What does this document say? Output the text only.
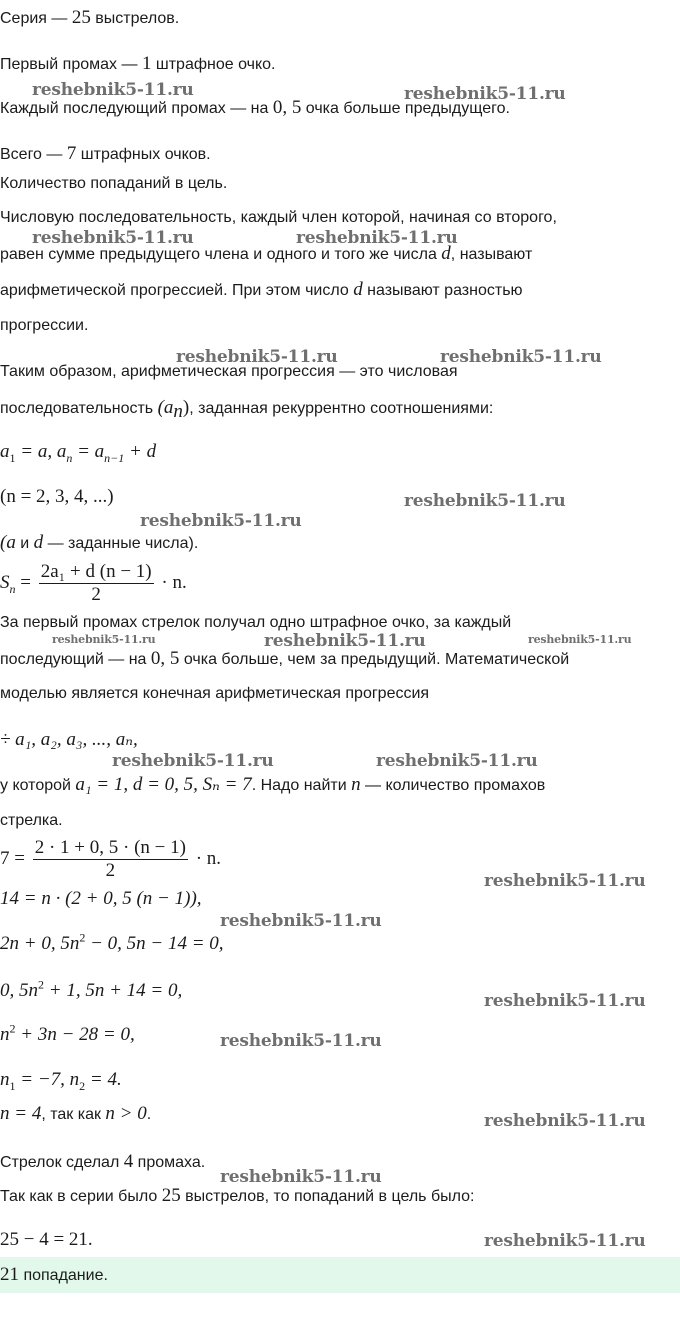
Серия — 25 выстрелов.
Первый промах — 1 штрафное очко.
Каждый последующий промах — на 0, 5 очка больше предыдущего.
Всего — 7 штрафных очков.
Количество попаданий в цель.
Числовую последовательность, каждый член которой, начиная со второго,
равен сумме предыдущего члена и одного и того же числа d, называют
арифметической прогрессией. При этом число d называют разностью
прогрессии.
Таким образом, арифметическая прогрессия — это числовая
последовательность $(a_n)$, заданная рекуррентно соотношениями:
$a_1 = a$, $a_n = a_{n-1} + d$
(n = 2, 3, 4, ...)
(a и d — заданные числа).
$S_n = \frac{\text{2a₁ + d (n − 1)}}{2} \cdot n$.
За первый промах стрелок получал одно штрафное очко, за каждый
последующий — на 0, 5 очка больше, чем за предыдущий. Математической
моделью является конечная арифметическая прогрессия
÷ a₁, a₂, a₃, ..., aₙ,
у которой a₁ = 1, d = 0, 5, Sₙ = 7. Надо найти n — количество промахов
стрелка.
$7 = \frac{2 \cdot 1 + 0, 5 \cdot (n - 1)}{2} \cdot n$.
14 = n · (2 + 0, 5 (n − 1)),
2n + 0, $5n^2 - 0$, 5n − 14 = 0,
0, $5n^2 + 1$, 5n + 14 = 0,
$n^2 + 3n - 28 = 0$,
$n_1 = -7$, $n_2 = 4$.
n = 4, так как n > 0.
Стрелок сделал 4 промаха.
Так как в серии было 25 выстрелов, то попаданий в цель было:
25 − 4 = 21.
21 попадание.
reshebnik5-11.ru	reshebnik5-11.ru
reshebnik5-11.ru	reshebnik5-11.ru
reshebnik5-11.ru	reshebnik5-11.ru
reshebnik5-11.ru
reshebnik5-11.ru
reshebnik5-11.ru	reshebnik5-11.ru	reshebnik5-11.ru
reshebnik5-11.ru	reshebnik5-11.ru
reshebnik5-11.ru
reshebnik5-11.ru
reshebnik5-11.ru
reshebnik5-11.ru
reshebnik5-11.ru
reshebnik5-11.ru
reshebnik5-11.ru
